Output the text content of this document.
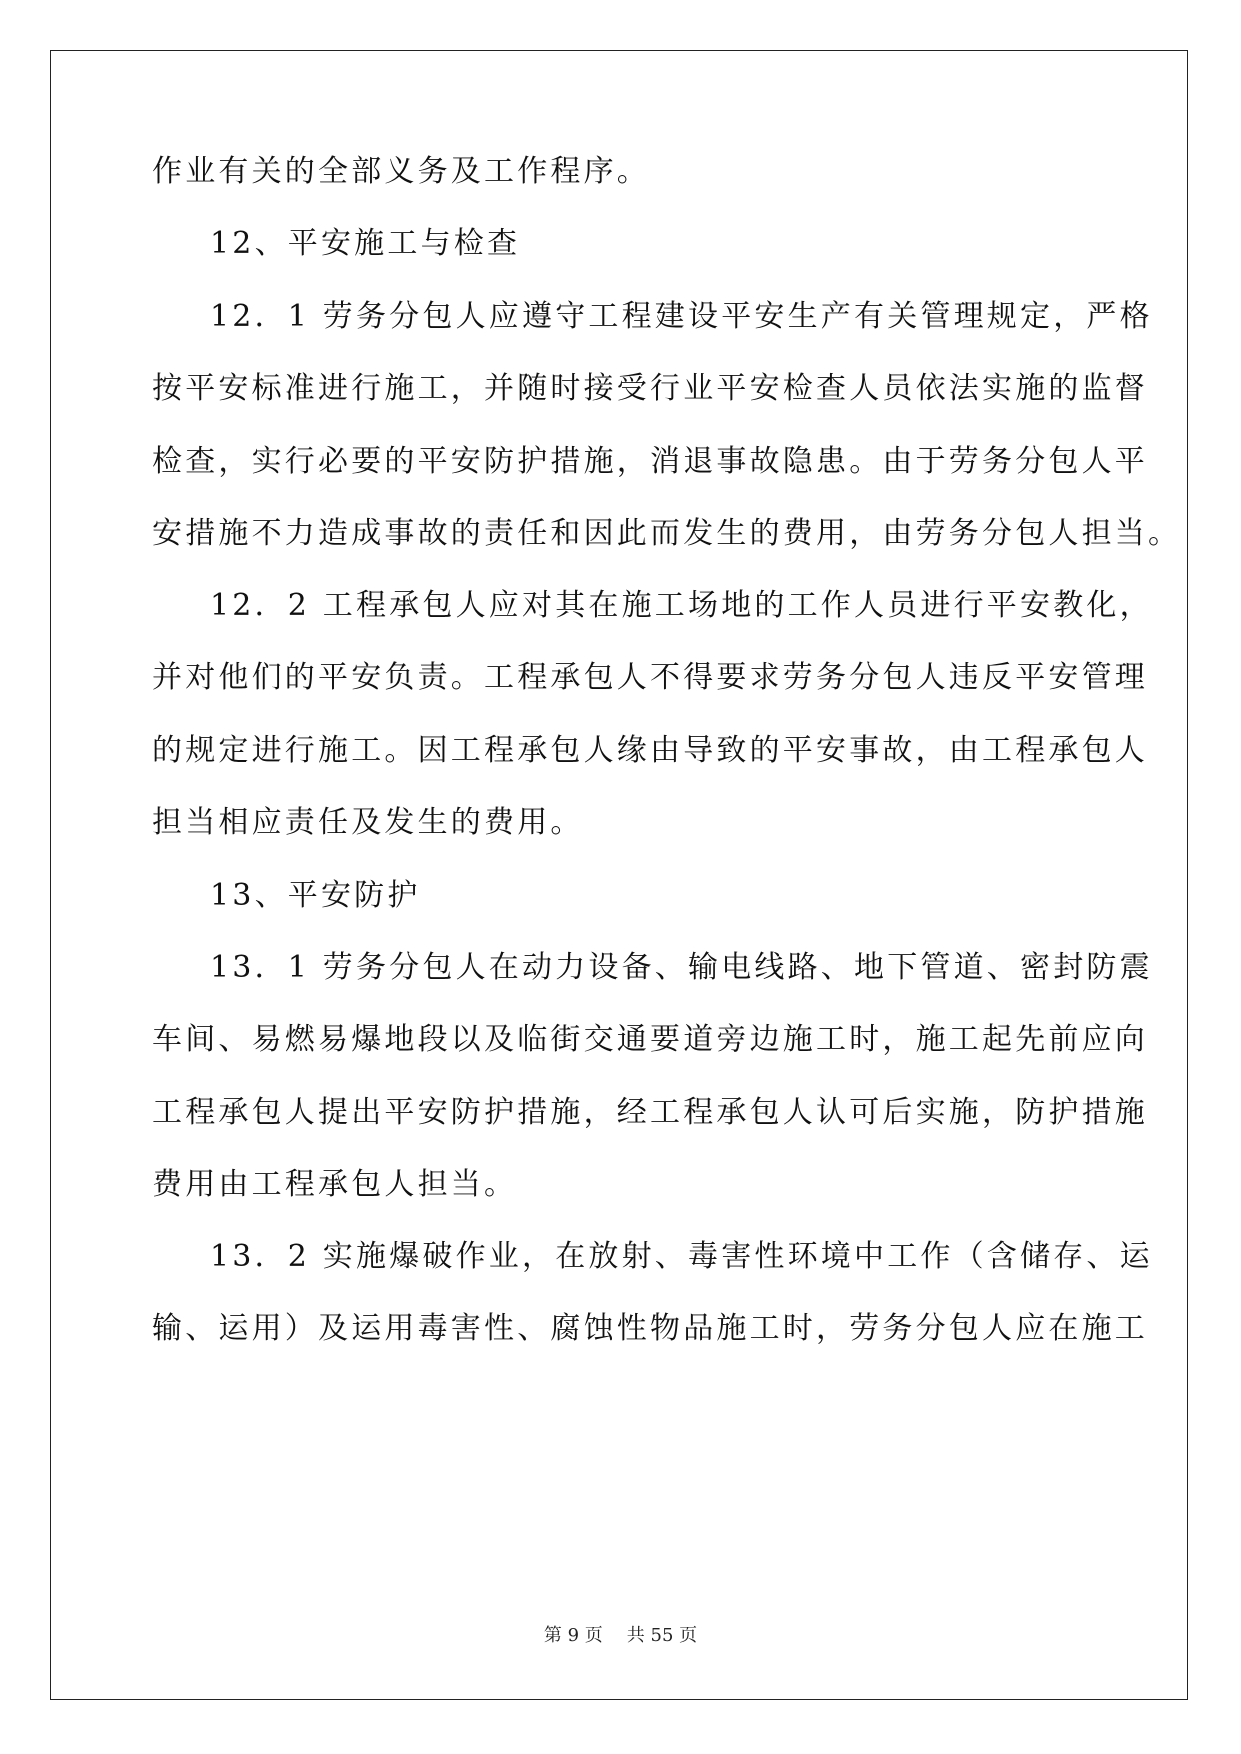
作业有关的全部义务及工作程序。
12、平安施工与检查
12．1 劳务分包人应遵守工程建设平安生产有关管理规定，严格
按平安标准进行施工，并随时接受行业平安检查人员依法实施的监督
检查，实行必要的平安防护措施，消退事故隐患。由于劳务分包人平
安措施不力造成事故的责任和因此而发生的费用，由劳务分包人担当。
12．2 工程承包人应对其在施工场地的工作人员进行平安教化，
并对他们的平安负责。工程承包人不得要求劳务分包人违反平安管理
的规定进行施工。因工程承包人缘由导致的平安事故，由工程承包人
担当相应责任及发生的费用。
13、平安防护
13．1 劳务分包人在动力设备、输电线路、地下管道、密封防震
车间、易燃易爆地段以及临街交通要道旁边施工时，施工起先前应向
工程承包人提出平安防护措施，经工程承包人认可后实施，防护措施
费用由工程承包人担当。
13．2 实施爆破作业，在放射、毒害性环境中工作（含储存、运
输、运用）及运用毒害性、腐蚀性物品施工时，劳务分包人应在施工
第 9 页 共 55 页
